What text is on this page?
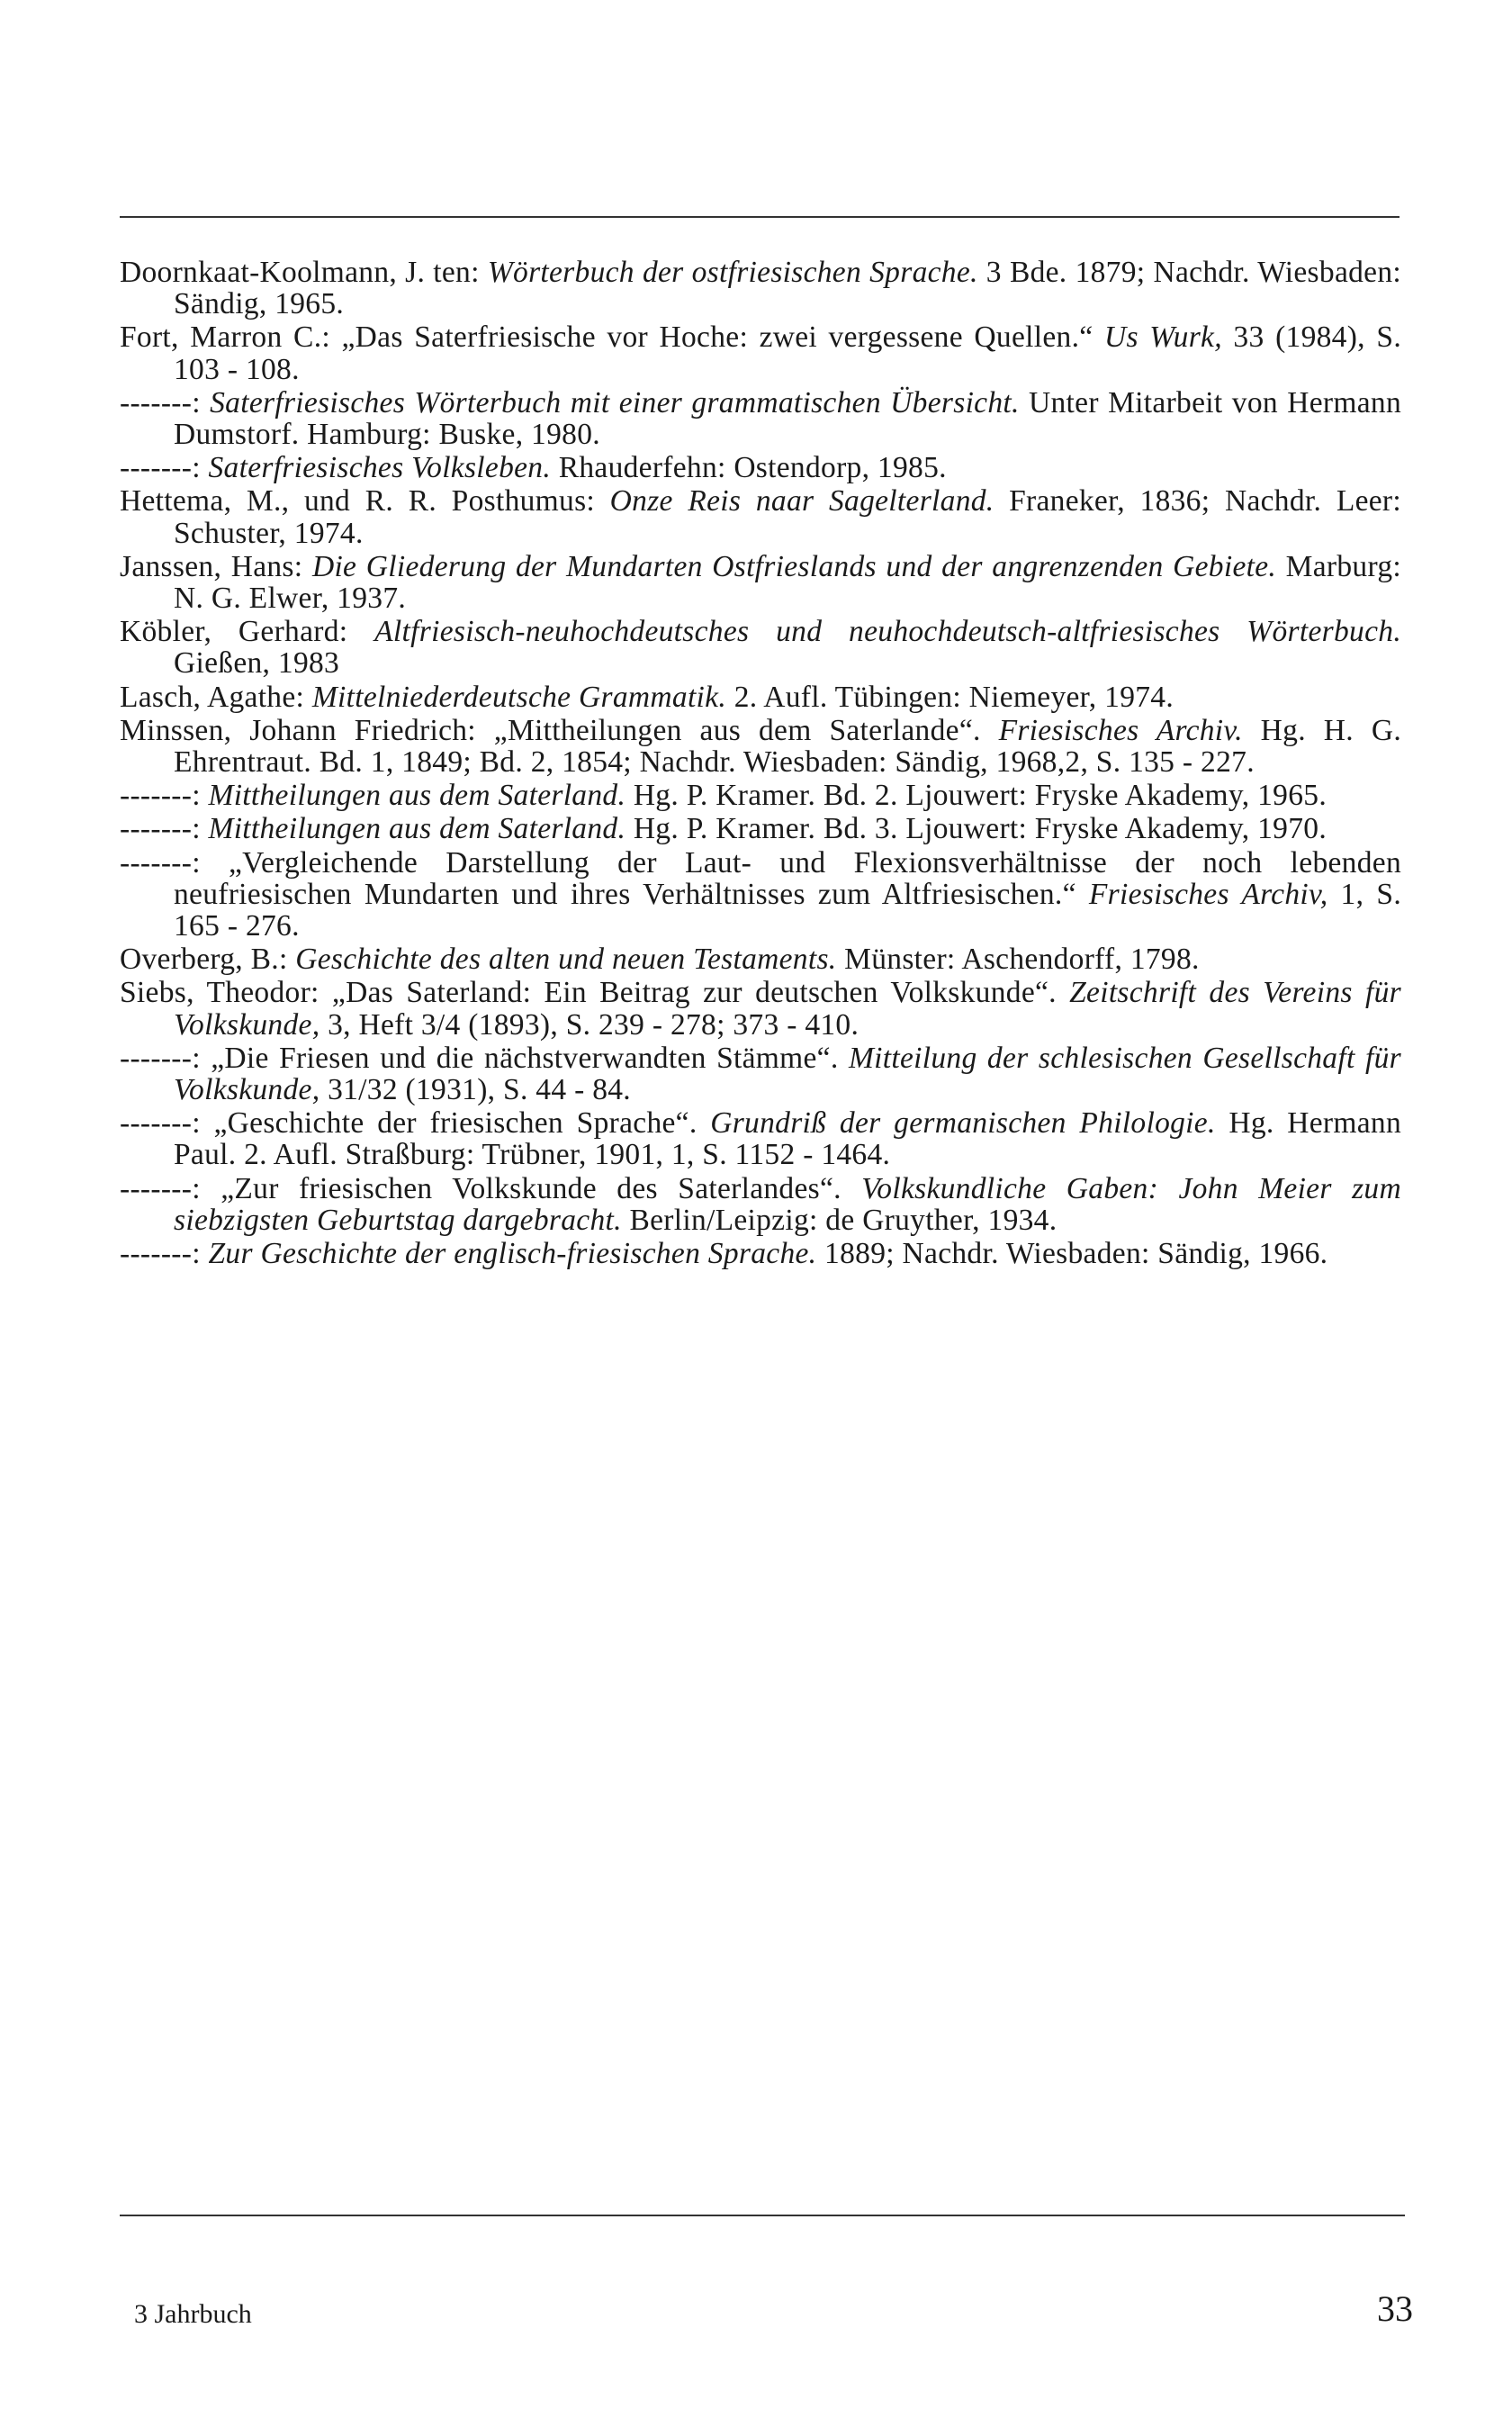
Doornkaat-Koolmann, J. ten: Wörterbuch der ostfriesischen Sprache. 3 Bde. 1879; Nachdr. Wiesbaden: Sändig, 1965.

Fort, Marron C.: „Das Saterfriesische vor Hoche: zwei vergessene Quellen.“ Us Wurk, 33 (1984), S. 103 - 108.

-------: Saterfriesisches Wörterbuch mit einer grammatischen Übersicht. Unter Mitarbeit von Hermann Dumstorf. Hamburg: Buske, 1980.

-------: Saterfriesisches Volksleben. Rhauderfehn: Ostendorp, 1985.

Hettema, M., und R. R. Posthumus: Onze Reis naar Sagelterland. Franeker, 1836; Nachdr. Leer: Schuster, 1974.

Janssen, Hans: Die Gliederung der Mundarten Ostfrieslands und der angrenzenden Gebiete. Marburg: N. G. Elwer, 1937.

Köbler, Gerhard: Altfriesisch-neuhochdeutsches und neuhochdeutsch-altfriesisches Wörterbuch. Gießen, 1983

Lasch, Agathe: Mittelniederdeutsche Grammatik. 2. Aufl. Tübingen: Niemeyer, 1974.

Minssen, Johann Friedrich: „Mittheilungen aus dem Saterlande“. Friesisches Archiv. Hg. H. G. Ehrentraut. Bd. 1, 1849; Bd. 2, 1854; Nachdr. Wiesbaden: Sändig, 1968,2, S. 135 - 227.

-------: Mittheilungen aus dem Saterland. Hg. P. Kramer. Bd. 2. Ljouwert: Fryske Akademy, 1965.

-------: Mittheilungen aus dem Saterland. Hg. P. Kramer. Bd. 3. Ljouwert: Fryske Akademy, 1970.

-------: „Vergleichende Darstellung der Laut- und Flexionsverhältnisse der noch lebenden neufriesischen Mundarten und ihres Verhältnisses zum Altfriesischen.“ Friesisches Archiv, 1, S. 165 - 276.

Overberg, B.: Geschichte des alten und neuen Testaments. Münster: Aschendorff, 1798.

Siebs, Theodor: „Das Saterland: Ein Beitrag zur deutschen Volkskunde“. Zeitschrift des Vereins für Volkskunde, 3, Heft 3/4 (1893), S. 239 - 278; 373 - 410.

-------: „Die Friesen und die nächstverwandten Stämme“. Mitteilung der schlesischen Gesellschaft für Volkskunde, 31/32 (1931), S. 44 - 84.

-------: „Geschichte der friesischen Sprache“. Grundriß der germanischen Philologie. Hg. Hermann Paul. 2. Aufl. Straßburg: Trübner, 1901, 1, S. 1152 - 1464.

-------: „Zur friesischen Volkskunde des Saterlandes“. Volkskundliche Gaben: John Meier zum siebzigsten Geburtstag dargebracht. Berlin/Leipzig: de Gruyther, 1934.

-------: Zur Geschichte der englisch-friesischen Sprache. 1889; Nachdr. Wiesbaden: Sändig, 1966.

3 Jahrbuch	33
